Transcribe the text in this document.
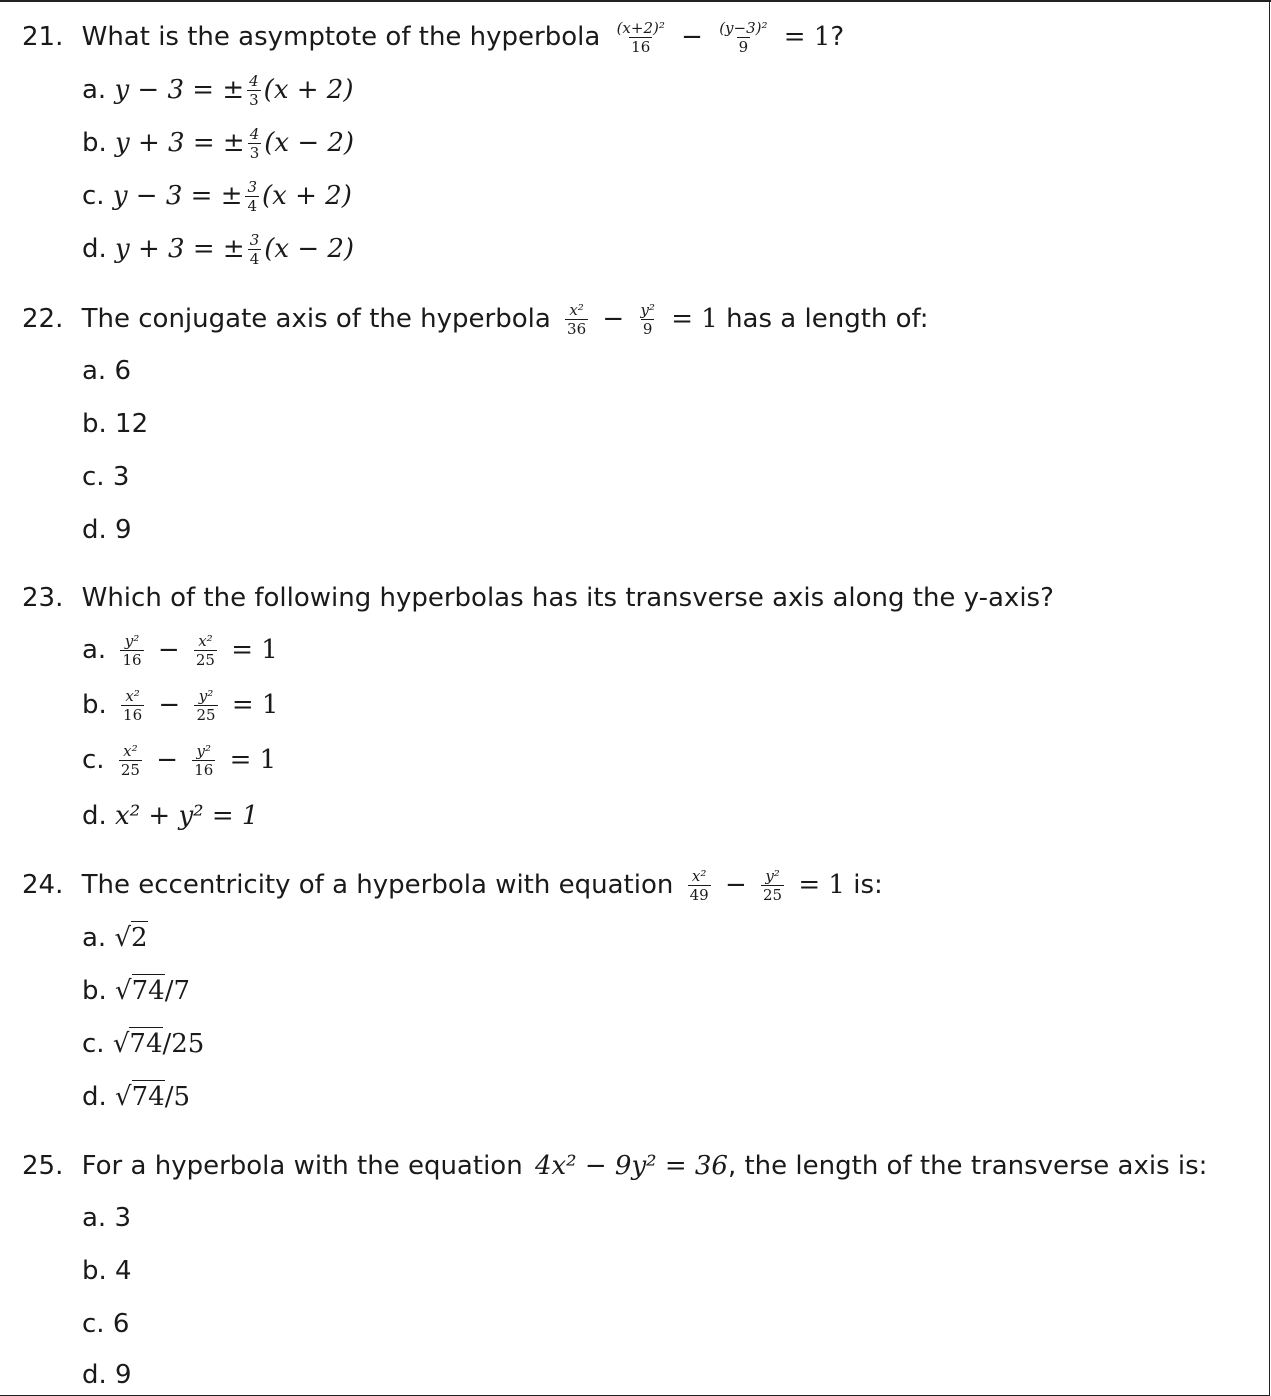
21. What is the asymptote of the hyperbola $\frac{\text{(x+2)²}}{16} - \frac{\text{(y−3)²}}{9} = 1$?
a. y − 3 = ± $\frac{4}{3} (x + 2)$
b. y + 3 = ± $\frac{4}{3} (x - 2)$
c. y − 3 = ± $\frac{3}{4} (x + 2)$
d. y + 3 = ± $\frac{3}{4} (x - 2)$
22. The conjugate axis of the hyperbola $\frac{\text{x²}}{36} - \frac{\text{y²}}{9} = 1$ has a length of:
a. 6
b. 12
c. 3
d. 9
23. Which of the following hyperbolas has its transverse axis along the y-axis?
a. $\frac{\text{y²}}{16} - \frac{\text{x²}}{25} = 1$
b. $\frac{\text{x²}}{16} - \frac{\text{y²}}{25} = 1$
c. $\frac{\text{x²}}{25} - \frac{\text{y²}}{16} = 1$
d. x² + y² = 1
24. The eccentricity of a hyperbola with equation $\frac{\text{x²}}{49} - \frac{\text{y²}}{25} = 1$ is:
a. √2
b. √74/7
c. √74/25
d. √74/5
25. For a hyperbola with the equation 4x² − 9y² = 36, the length of the transverse axis is:
a. 3
b. 4
c. 6
d. 9
